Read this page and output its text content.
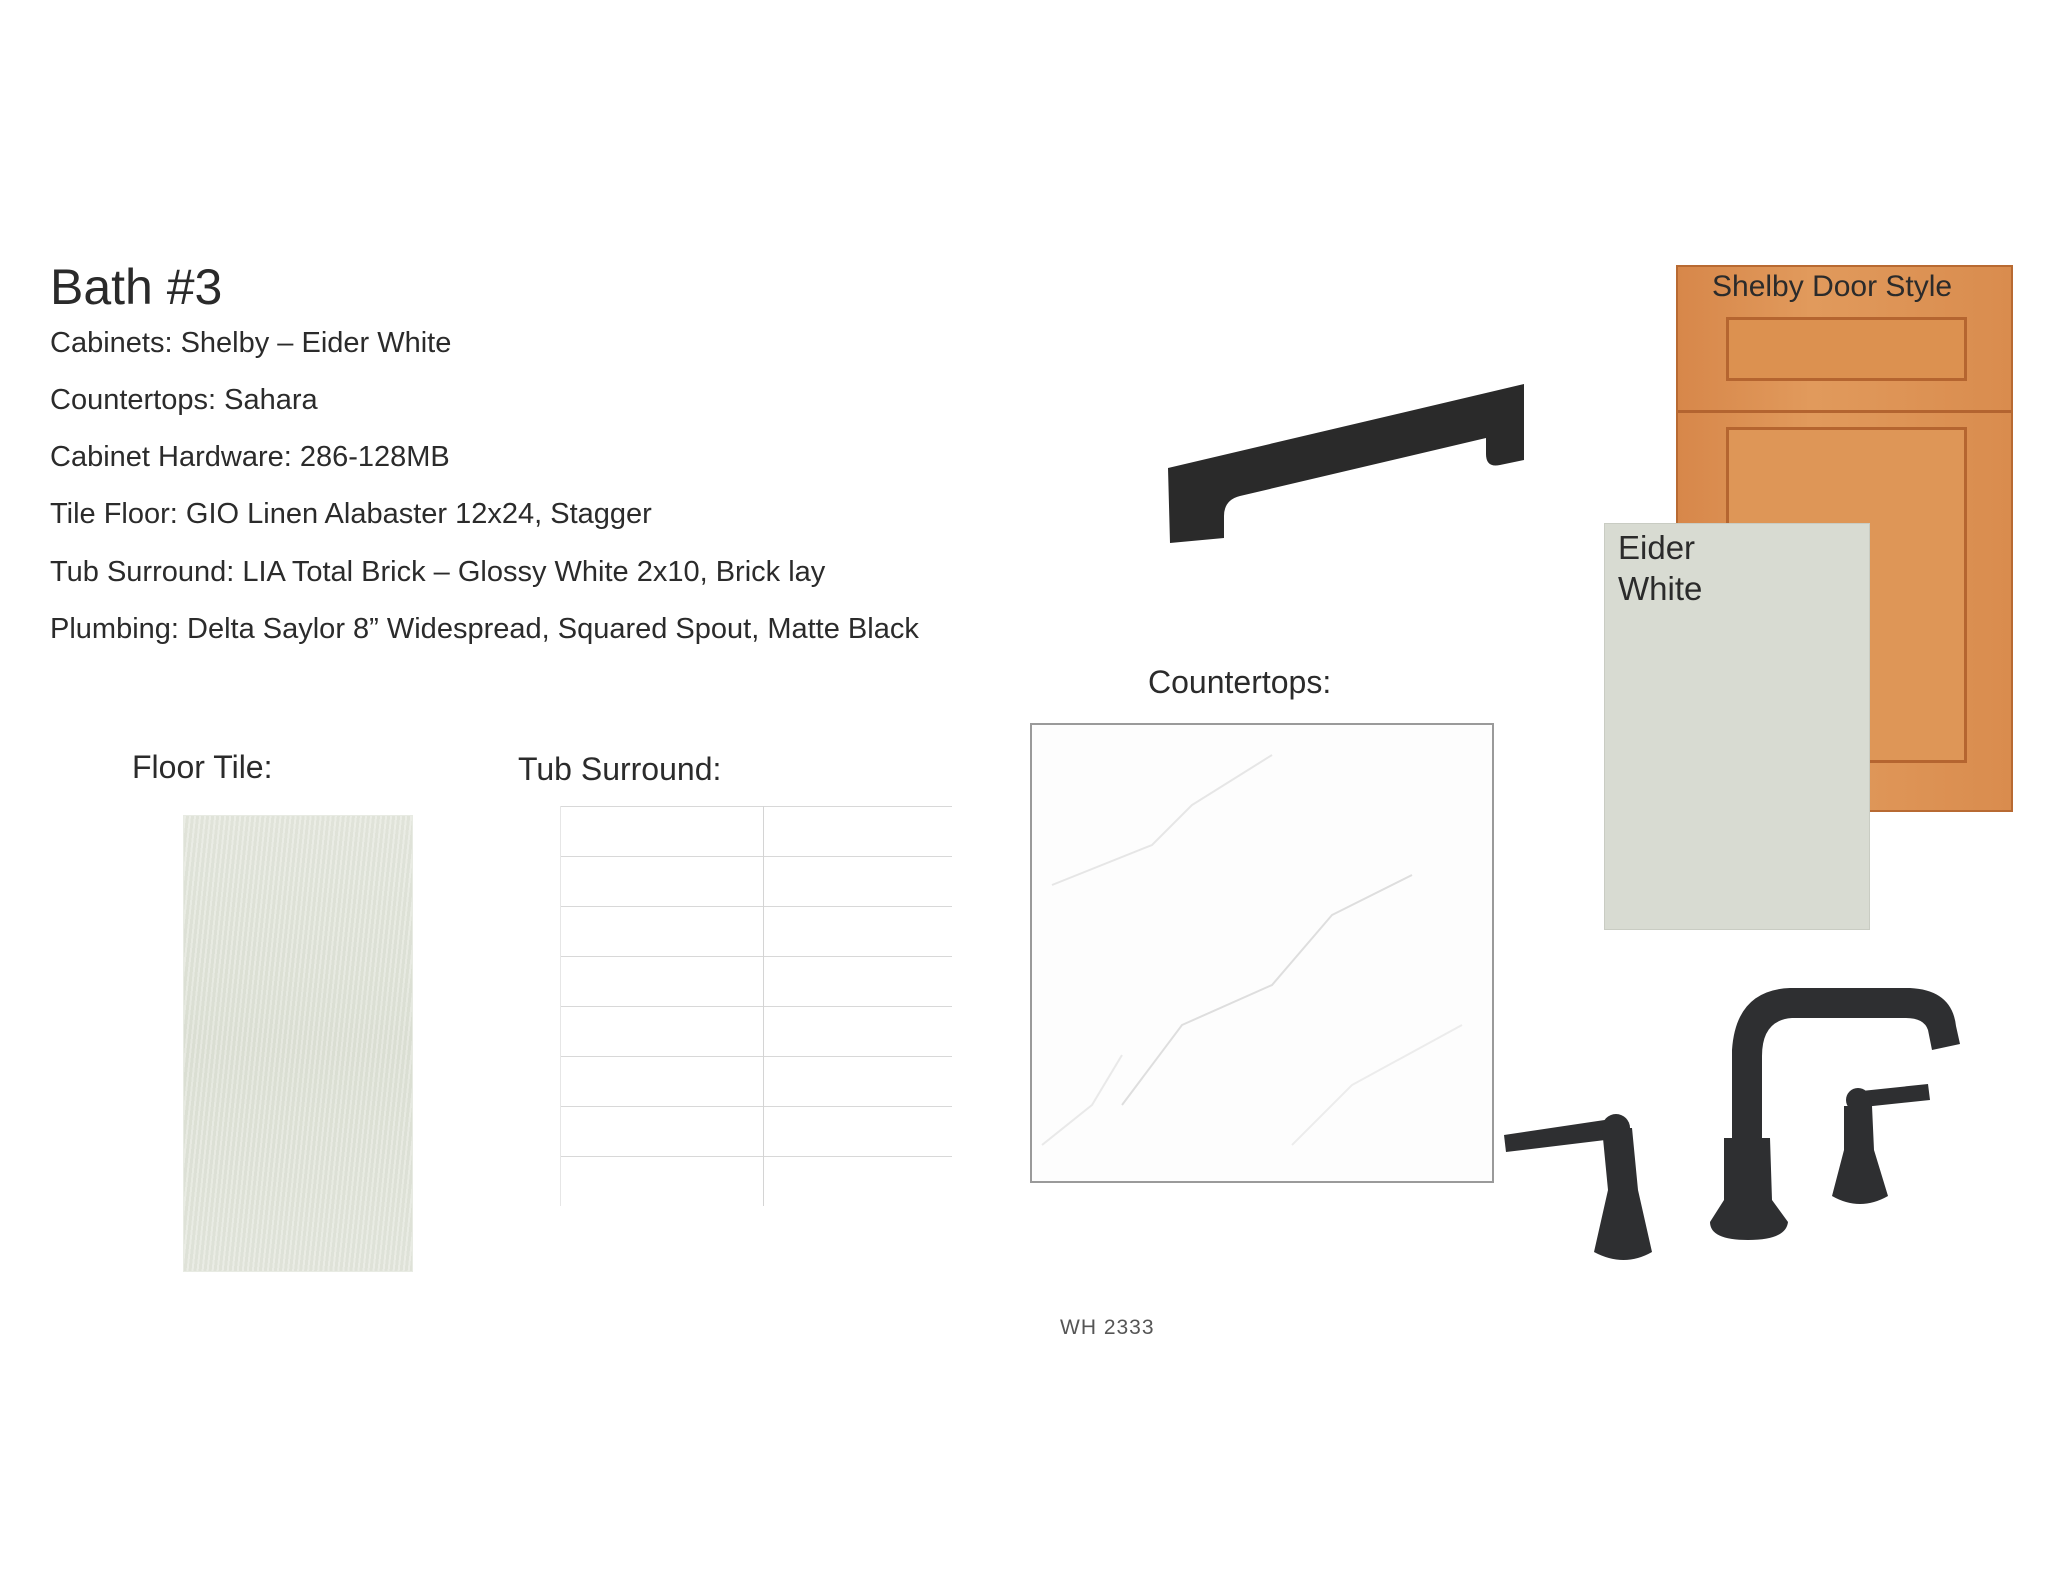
Bath #3
Cabinets: Shelby – Eider White
Countertops: Sahara
Cabinet Hardware: 286-128MB
Tile Floor: GIO Linen Alabaster 12x24, Stagger
Tub Surround: LIA Total Brick – Glossy White 2x10, Brick lay
Plumbing: Delta Saylor 8” Widespread, Squared Spout, Matte Black
Shelby Door Style
Eider
White
Countertops:
Floor Tile:	Tub Surround:
WH 2333
